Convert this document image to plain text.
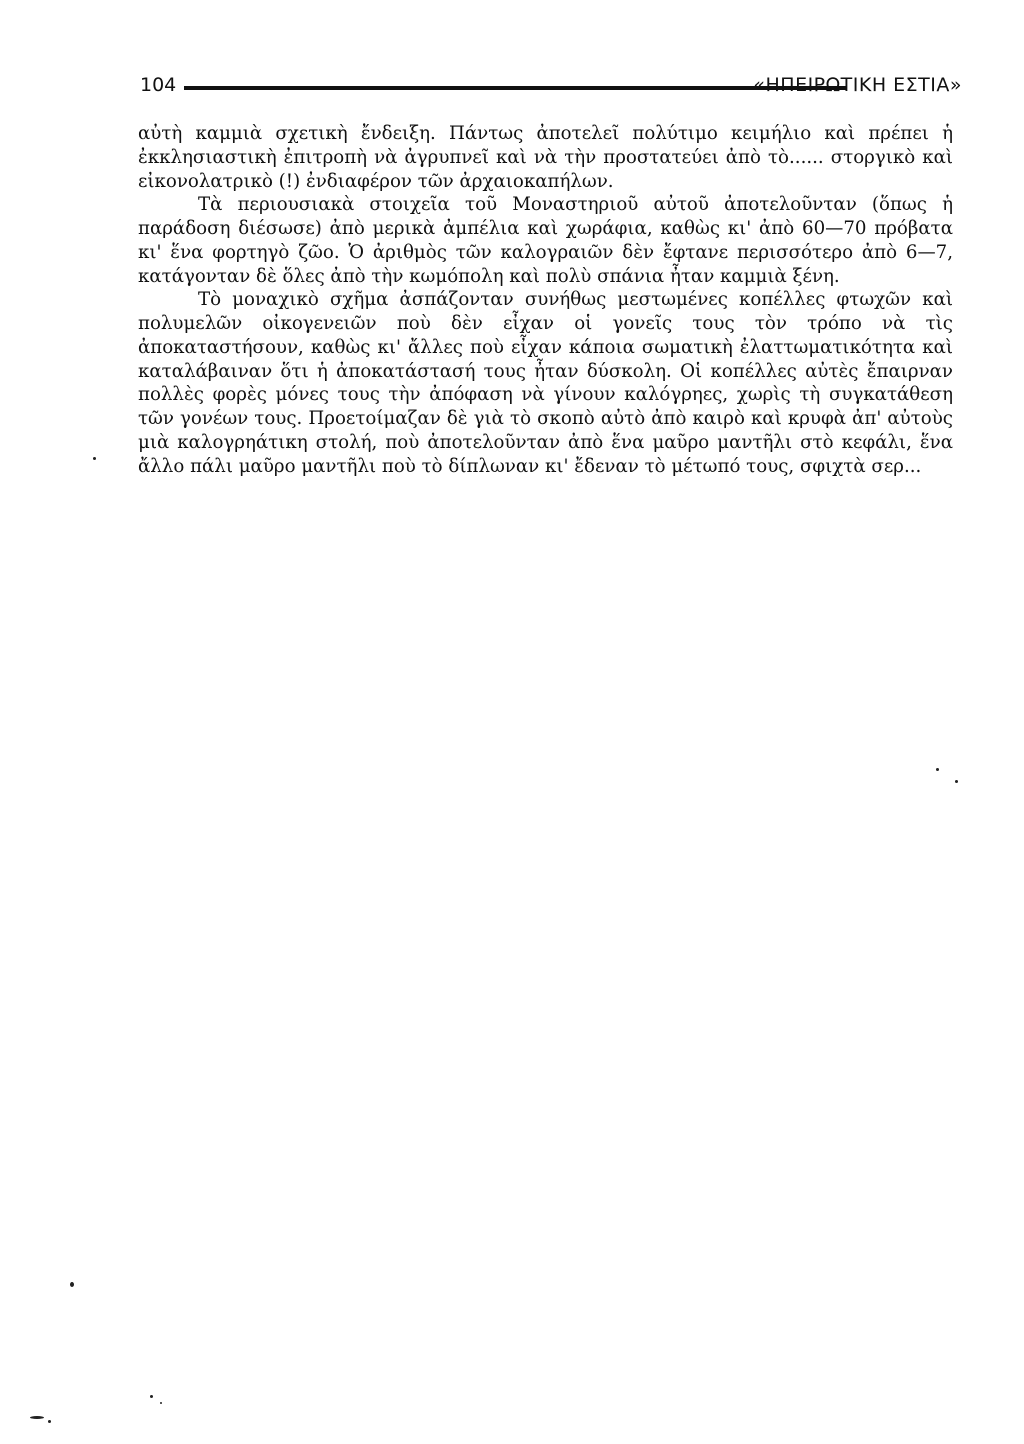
104	«ΗΠΕΙΡΩΤΙΚΗ ΕΣΤΙΑ»

αὐτὴ καμμιὰ σχετικὴ ἔνδειξη. Πάντως ἀποτελεῖ πολύτιμο κειμήλιο καὶ πρέπει ἡ ἐκκλησιαστικὴ ἐπιτροπὴ νὰ ἀγρυπνεῖ καὶ νὰ τὴν προστατεύει ἀπὸ τὸ...... στοργικὸ καὶ εἰκονολατρικὸ (!) ἐνδιαφέρον τῶν ἀρχαιοκαπήλων.

Τὰ περιουσιακὰ στοιχεῖα τοῦ Μοναστηριοῦ αὐτοῦ ἀποτελοῦνταν (ὅπως ἡ παράδοση διέσωσε) ἀπὸ μερικὰ ἀμπέλια καὶ χωράφια, καθὼς κι' ἀπὸ 60—70 πρόβατα κι' ἕνα φορτηγὸ ζῶο. Ὁ ἀριθμὸς τῶν καλογραιῶν δὲν ἔφτανε περισσότερο ἀπὸ 6—7, κατάγονταν δὲ ὅλες ἀπὸ τὴν κωμόπολη καὶ πολὺ σπάνια ἦταν καμμιὰ ξένη.

Τὸ μοναχικὸ σχῆμα ἀσπάζονταν συνήθως μεστωμένες κοπέλλες φτωχῶν καὶ πολυμελῶν οἰκογενειῶν ποὺ δὲν εἶχαν οἱ γονεῖς τους τὸν τρόπο νὰ τὶς ἀποκαταστήσουν, καθὼς κι' ἄλλες ποὺ εἶχαν κάποια σωματικὴ ἐλαττωματικότητα καὶ καταλάβαιναν ὅτι ἡ ἀποκατάστασή τους ἦταν δύσκολη. Οἱ κοπέλλες αὐτὲς ἔπαιρναν πολλὲς φορὲς μόνες τους τὴν ἀπόφαση νὰ γίνουν καλόγρηες, χωρὶς τὴ συγκατάθεση τῶν γονέων τους. Προετοίμαζαν δὲ γιὰ τὸ σκοπὸ αὐτὸ ἀπὸ καιρὸ καὶ κρυφὰ ἀπ' αὐτοὺς μιὰ καλογρηάτικη στολή, ποὺ ἀποτελοῦνταν ἀπὸ ἕνα μαῦρο μαντῆλι στὸ κεφάλι, ἕνα ἄλλο πάλι μαῦρο μαντῆλι ποὺ τὸ δίπλωναν κι' ἔδεναν τὸ μέτωπό τους, σφιχτὰ σερ...
